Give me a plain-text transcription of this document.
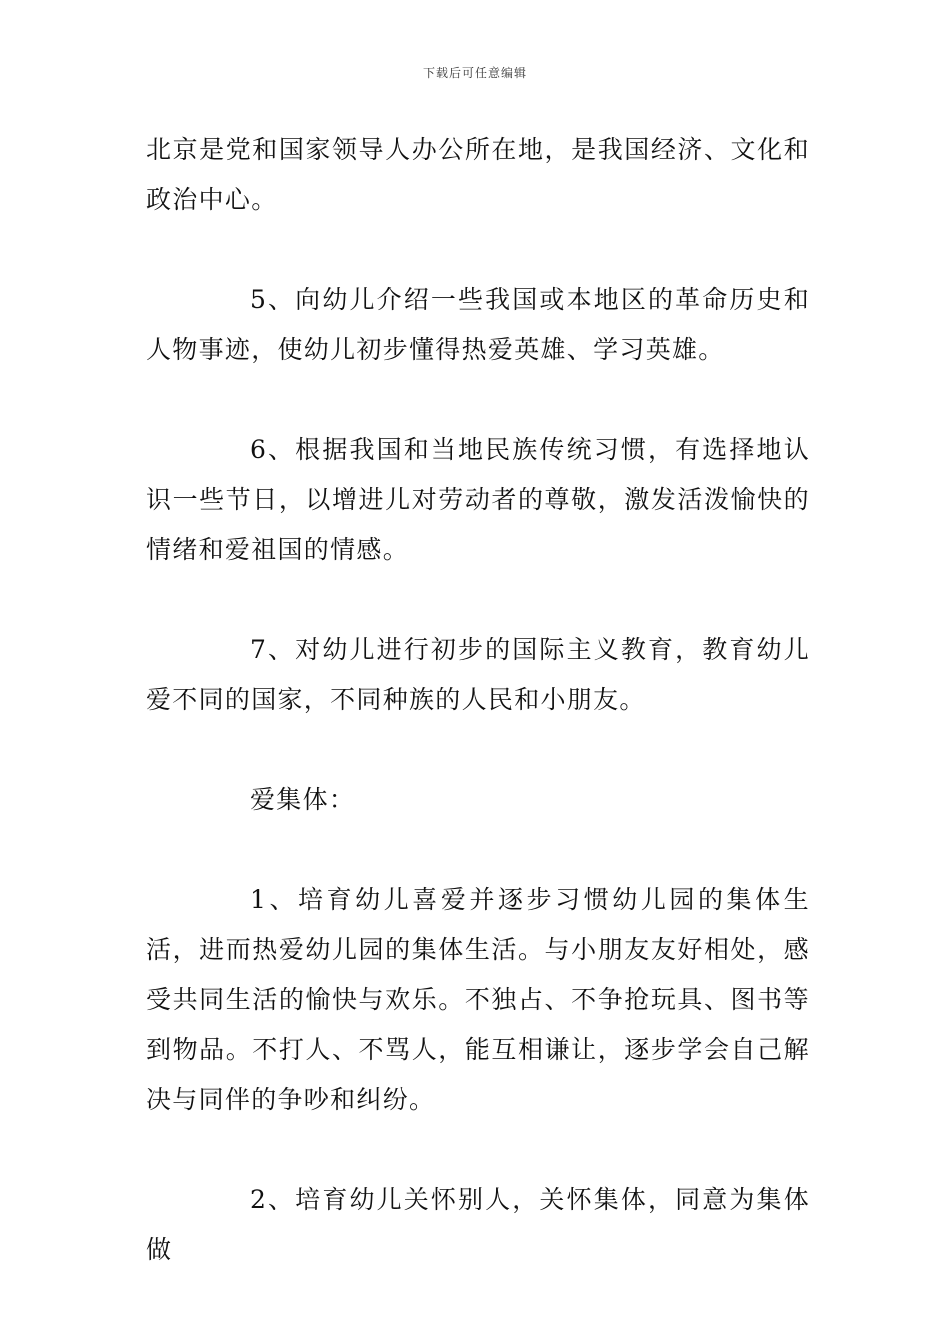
下载后可任意编辑

北京是党和国家领导人办公所在地，是我国经济、文化和政治中心。

5、向幼儿介绍一些我国或本地区的革命历史和人物事迹，使幼儿初步懂得热爱英雄、学习英雄。

6、根据我国和当地民族传统习惯，有选择地认识一些节日，以增进儿对劳动者的尊敬，激发活泼愉快的情绪和爱祖国的情感。

7、对幼儿进行初步的国际主义教育，教育幼儿爱不同的国家，不同种族的人民和小朋友。

爱集体：

1、培育幼儿喜爱并逐步习惯幼儿园的集体生活，进而热爱幼儿园的集体生活。与小朋友友好相处，感受共同生活的愉快与欢乐。不独占、不争抢玩具、图书等到物品。不打人、不骂人，能互相谦让，逐步学会自己解决与同伴的争吵和纠纷。

2、培育幼儿关怀别人，关怀集体，同意为集体做
